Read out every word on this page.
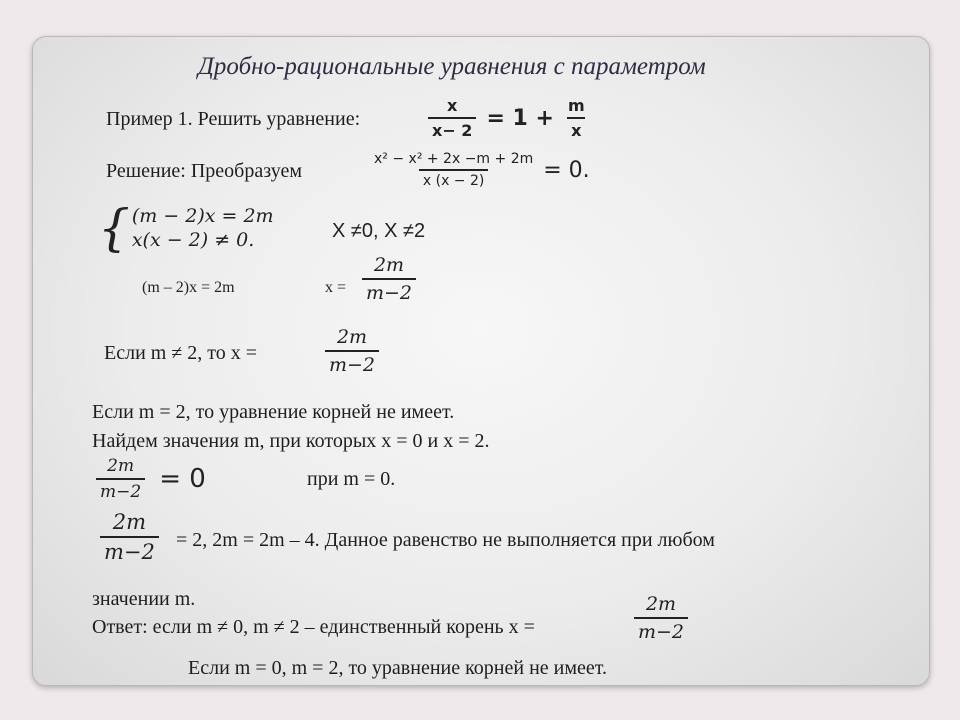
Дробно-рациональные уравнения с параметром
Пример 1. Решить уравнение:	$\frac{x}{x- 2} = 1 + \frac{m}{x}$
Решение: Преобразуем	$\frac{\text{x² − x² + 2x −m + 2m}}{x (x - 2)} = 0$.
{ (m − 2)x = 2m
x(x − 2) ≠ 0.	X ≠0, X ≠2
(m – 2)x = 2m	$x = \frac{2m}{m-2}$
Если m ≠ 2, то x =	$\frac{2m}{m-2}$
Если m = 2, то уравнение корней не имеет.
Найдем значения m, при которых x = 0 и x = 2.
$\frac{2m}{m-2} = 0$	при m = 0.
$\frac{2m}{m-2} = 2$, 2m = 2m – 4. Данное равенство не выполняется при любом
значении m.
Ответ: если m ≠ 0, m ≠ 2 – единственный корень x =	$\frac{2m}{m-2}$
Если m = 0, m = 2, то уравнение корней не имеет.
